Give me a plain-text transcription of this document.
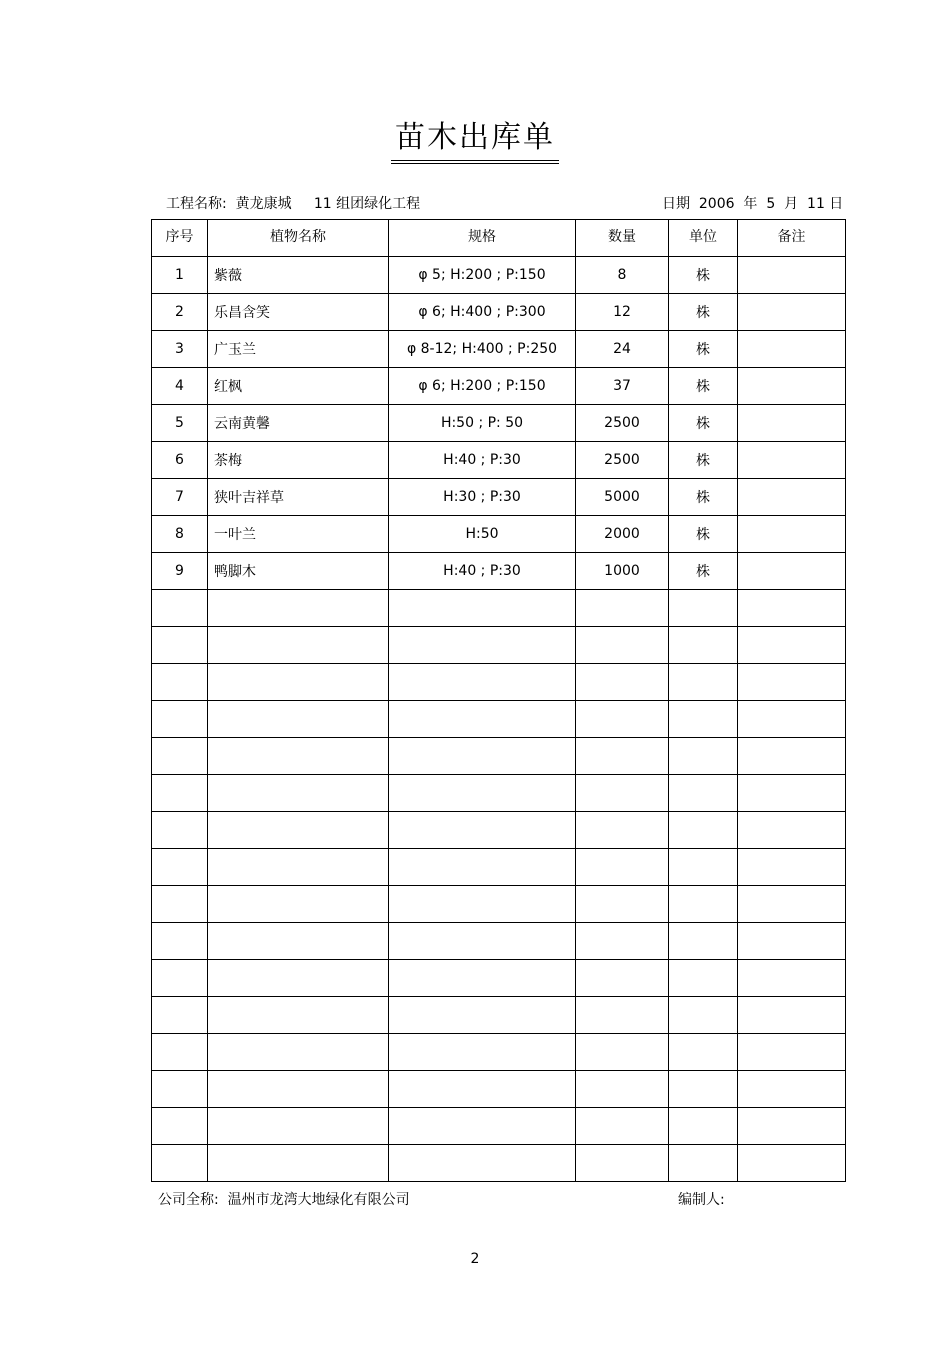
苗木出库单
工程名称:  黄龙康城     11 组团绿化工程	日期  2006  年  5  月  11 日
序号	植物名称	规格	数量	单位	备注
1	紫薇	φ 5; H:200 ; P:150	8	株	
2	乐昌含笑	φ 6; H:400 ; P:300	12	株	
3	广玉兰	φ 8-12; H:400 ; P:250	24	株	
4	红枫	φ 6; H:200 ; P:150	37	株	
5	云南黄馨	H:50 ; P: 50	2500	株	
6	茶梅	H:40 ; P:30	2500	株	
7	狭叶吉祥草	H:30 ; P:30	5000	株	
8	一叶兰	H:50	2000	株	
9	鸭脚木	H:40 ; P:30	1000	株	

公司全称:  温州市龙湾大地绿化有限公司	编制人:
2
